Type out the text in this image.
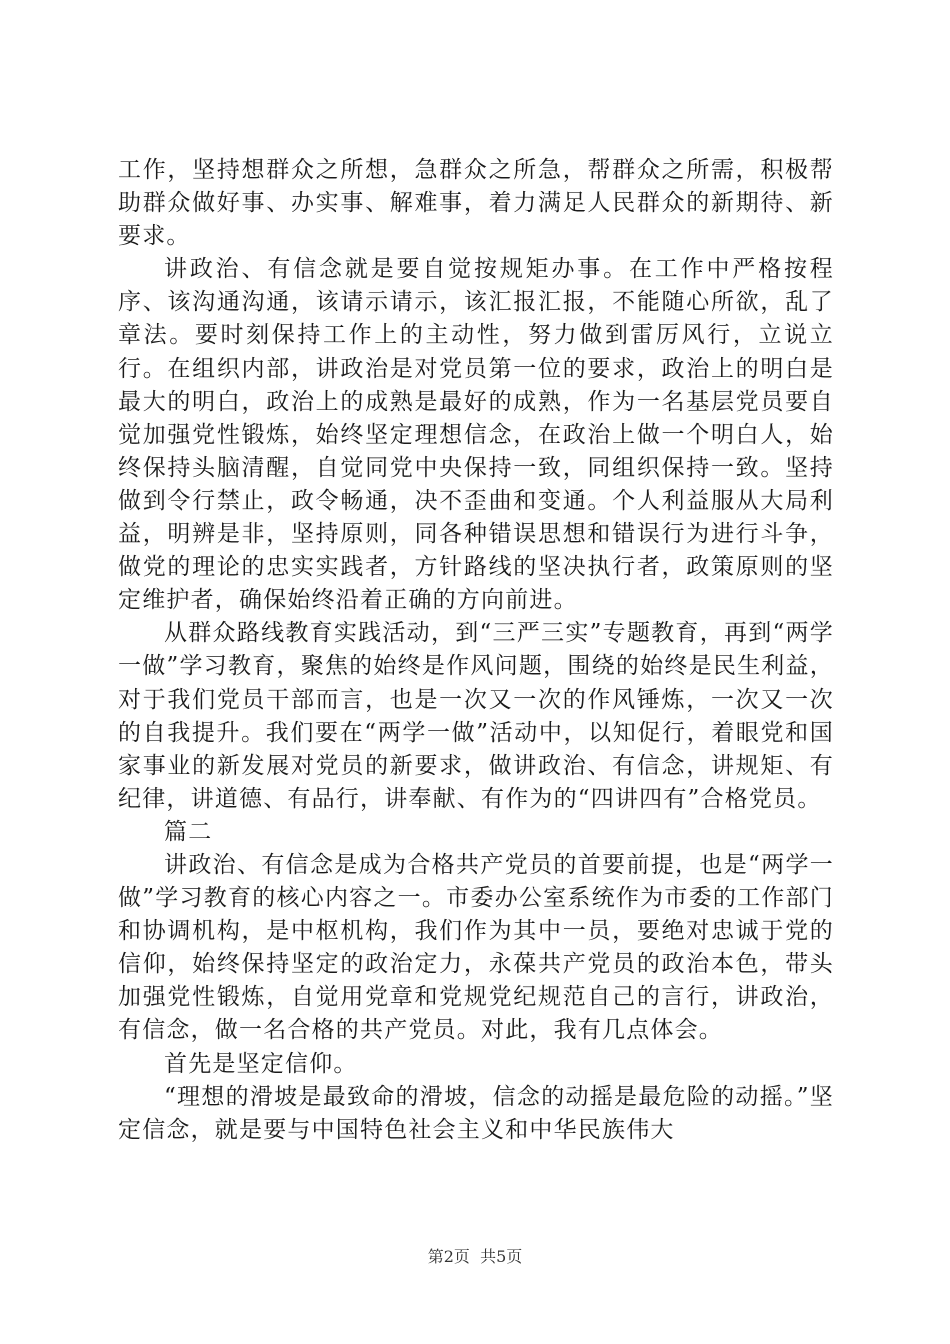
工作，坚持想群众之所想，急群众之所急，帮群众之所需，积极帮助群众做好事、办实事、解难事，着力满足人民群众的新期待、新要求。

讲政治、有信念就是要自觉按规矩办事。在工作中严格按程序、该沟通沟通，该请示请示，该汇报汇报，不能随心所欲，乱了章法。要时刻保持工作上的主动性，努力做到雷厉风行，立说立行。在组织内部，讲政治是对党员第一位的要求，政治上的明白是最大的明白，政治上的成熟是最好的成熟，作为一名基层党员要自觉加强党性锻炼，始终坚定理想信念，在政治上做一个明白人，始终保持头脑清醒，自觉同党中央保持一致，同组织保持一致。坚持做到令行禁止，政令畅通，决不歪曲和变通。个人利益服从大局利益，明辨是非，坚持原则，同各种错误思想和错误行为进行斗争，做党的理论的忠实实践者，方针路线的坚决执行者，政策原则的坚定维护者，确保始终沿着正确的方向前进。

从群众路线教育实践活动，到“三严三实”专题教育，再到“两学一做”学习教育，聚焦的始终是作风问题，围绕的始终是民生利益，对于我们党员干部而言，也是一次又一次的作风锤炼，一次又一次的自我提升。我们要在“两学一做”活动中，以知促行，着眼党和国家事业的新发展对党员的新要求，做讲政治、有信念，讲规矩、有纪律，讲道德、有品行，讲奉献、有作为的“四讲四有”合格党员。

篇二

讲政治、有信念是成为合格共产党员的首要前提，也是“两学一做”学习教育的核心内容之一。市委办公室系统作为市委的工作部门和协调机构，是中枢机构，我们作为其中一员，要绝对忠诚于党的信仰，始终保持坚定的政治定力，永葆共产党员的政治本色，带头加强党性锻炼，自觉用党章和党规党纪规范自己的言行，讲政治，有信念，做一名合格的共产党员。对此，我有几点体会。

首先是坚定信仰。

“理想的滑坡是最致命的滑坡，信念的动摇是最危险的动摇。”坚定信念，就是要与中国特色社会主义和中华民族伟大

第2页  共5页
